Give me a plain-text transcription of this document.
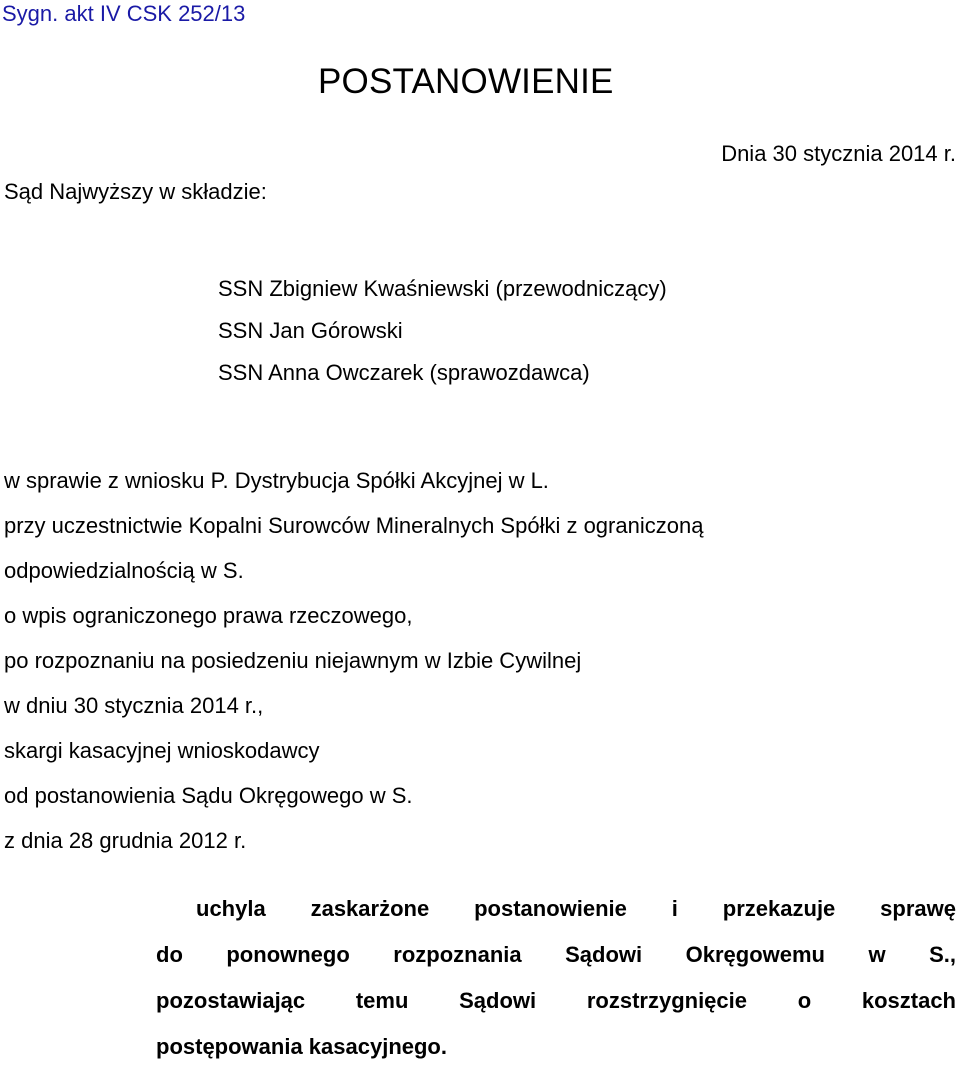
Sygn. akt IV CSK 252/13
POSTANOWIENIE
Dnia 30 stycznia 2014 r.
Sąd Najwyższy w składzie:
SSN Zbigniew Kwaśniewski (przewodniczący)
SSN Jan Górowski
SSN Anna Owczarek (sprawozdawca)
w sprawie z wniosku P. Dystrybucja Spółki Akcyjnej w L.
przy uczestnictwie Kopalni Surowców Mineralnych Spółki z ograniczoną
odpowiedzialnością w S.
o wpis ograniczonego prawa rzeczowego,
po rozpoznaniu na posiedzeniu niejawnym w Izbie Cywilnej
w dniu 30 stycznia 2014 r.,
skargi kasacyjnej wnioskodawcy
od postanowienia Sądu Okręgowego w S.
z dnia 28 grudnia 2012 r.
uchyla zaskarżone postanowienie i przekazuje sprawę
do ponownego rozpoznania Sądowi Okręgowemu w S.,
pozostawiając temu Sądowi rozstrzygnięcie o kosztach
postępowania kasacyjnego.
